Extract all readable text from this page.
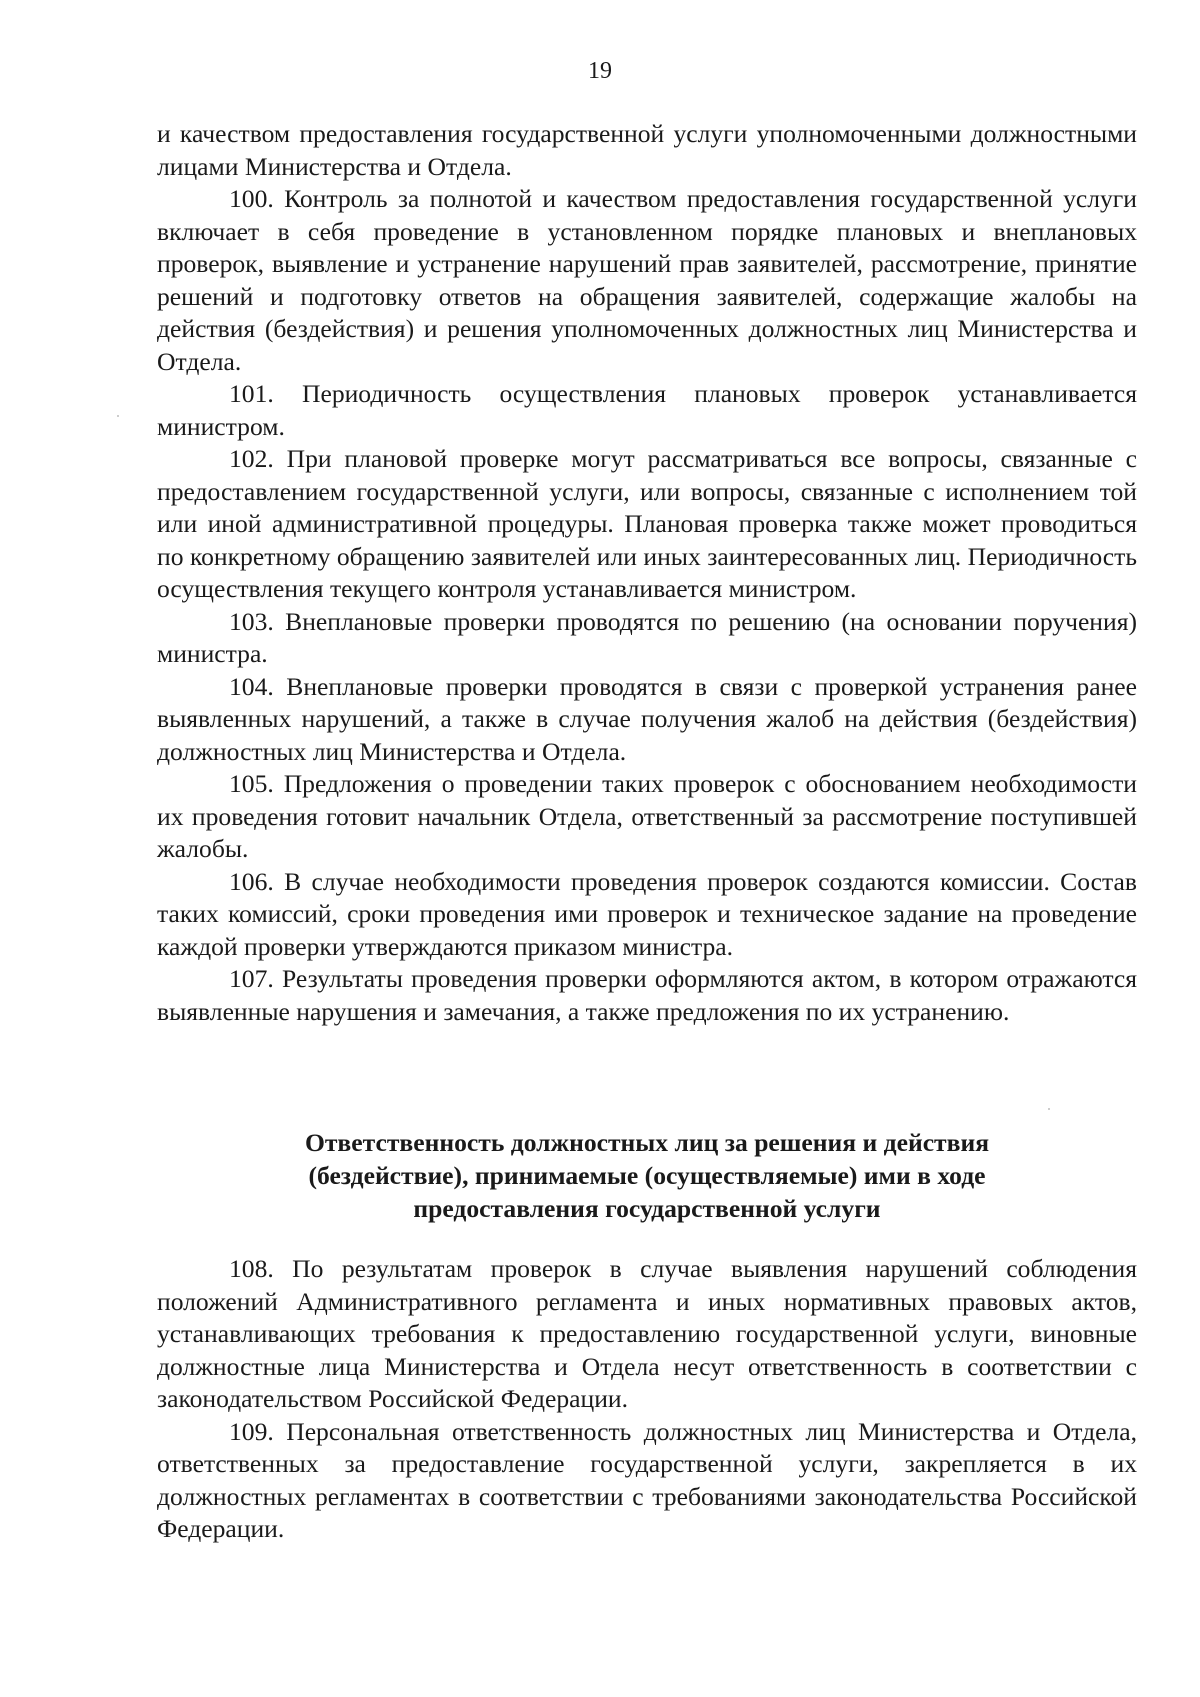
19

и качеством предоставления государственной услуги уполномоченными должностными лицами Министерства и Отдела.

100. Контроль за полнотой и качеством предоставления государственной услуги включает в себя проведение в установленном порядке плановых и внеплановых проверок, выявление и устранение нарушений прав заявителей, рассмотрение, принятие решений и подготовку ответов на обращения заявителей, содержащие жалобы на действия (бездействия) и решения уполномоченных должностных лиц Министерства и Отдела.

101. Периодичность осуществления плановых проверок устанавливается министром.

102. При плановой проверке могут рассматриваться все вопросы, связанные с предоставлением государственной услуги, или вопросы, связанные с исполнением той или иной административной процедуры. Плановая проверка также может проводиться по конкретному обращению заявителей или иных заинтересованных лиц. Периодичность осуществления текущего контроля устанавливается министром.

103. Внеплановые проверки проводятся по решению (на основании поручения) министра.

104. Внеплановые проверки проводятся в связи с проверкой устранения ранее выявленных нарушений, а также в случае получения жалоб на действия (бездействия) должностных лиц Министерства и Отдела.

105. Предложения о проведении таких проверок с обоснованием необходимости их проведения готовит начальник Отдела, ответственный за рассмотрение поступившей жалобы.

106. В случае необходимости проведения проверок создаются комиссии. Состав таких комиссий, сроки проведения ими проверок и техническое задание на проведение каждой проверки утверждаются приказом министра.

107. Результаты проведения проверки оформляются актом, в котором отражаются выявленные нарушения и замечания, а также предложения по их устранению.

Ответственность должностных лиц за решения и действия
(бездействие), принимаемые (осуществляемые) ими в ходе
предоставления государственной услуги

108. По результатам проверок в случае выявления нарушений соблюдения положений Административного регламента и иных нормативных правовых актов, устанавливающих требования к предоставлению государственной услуги, виновные должностные лица Министерства и Отдела несут ответственность в соответствии с законодательством Российской Федерации.

109. Персональная ответственность должностных лиц Министерства и Отдела, ответственных за предоставление государственной услуги, закрепляется в их должностных регламентах в соответствии с требованиями законодательства Российской Федерации.
